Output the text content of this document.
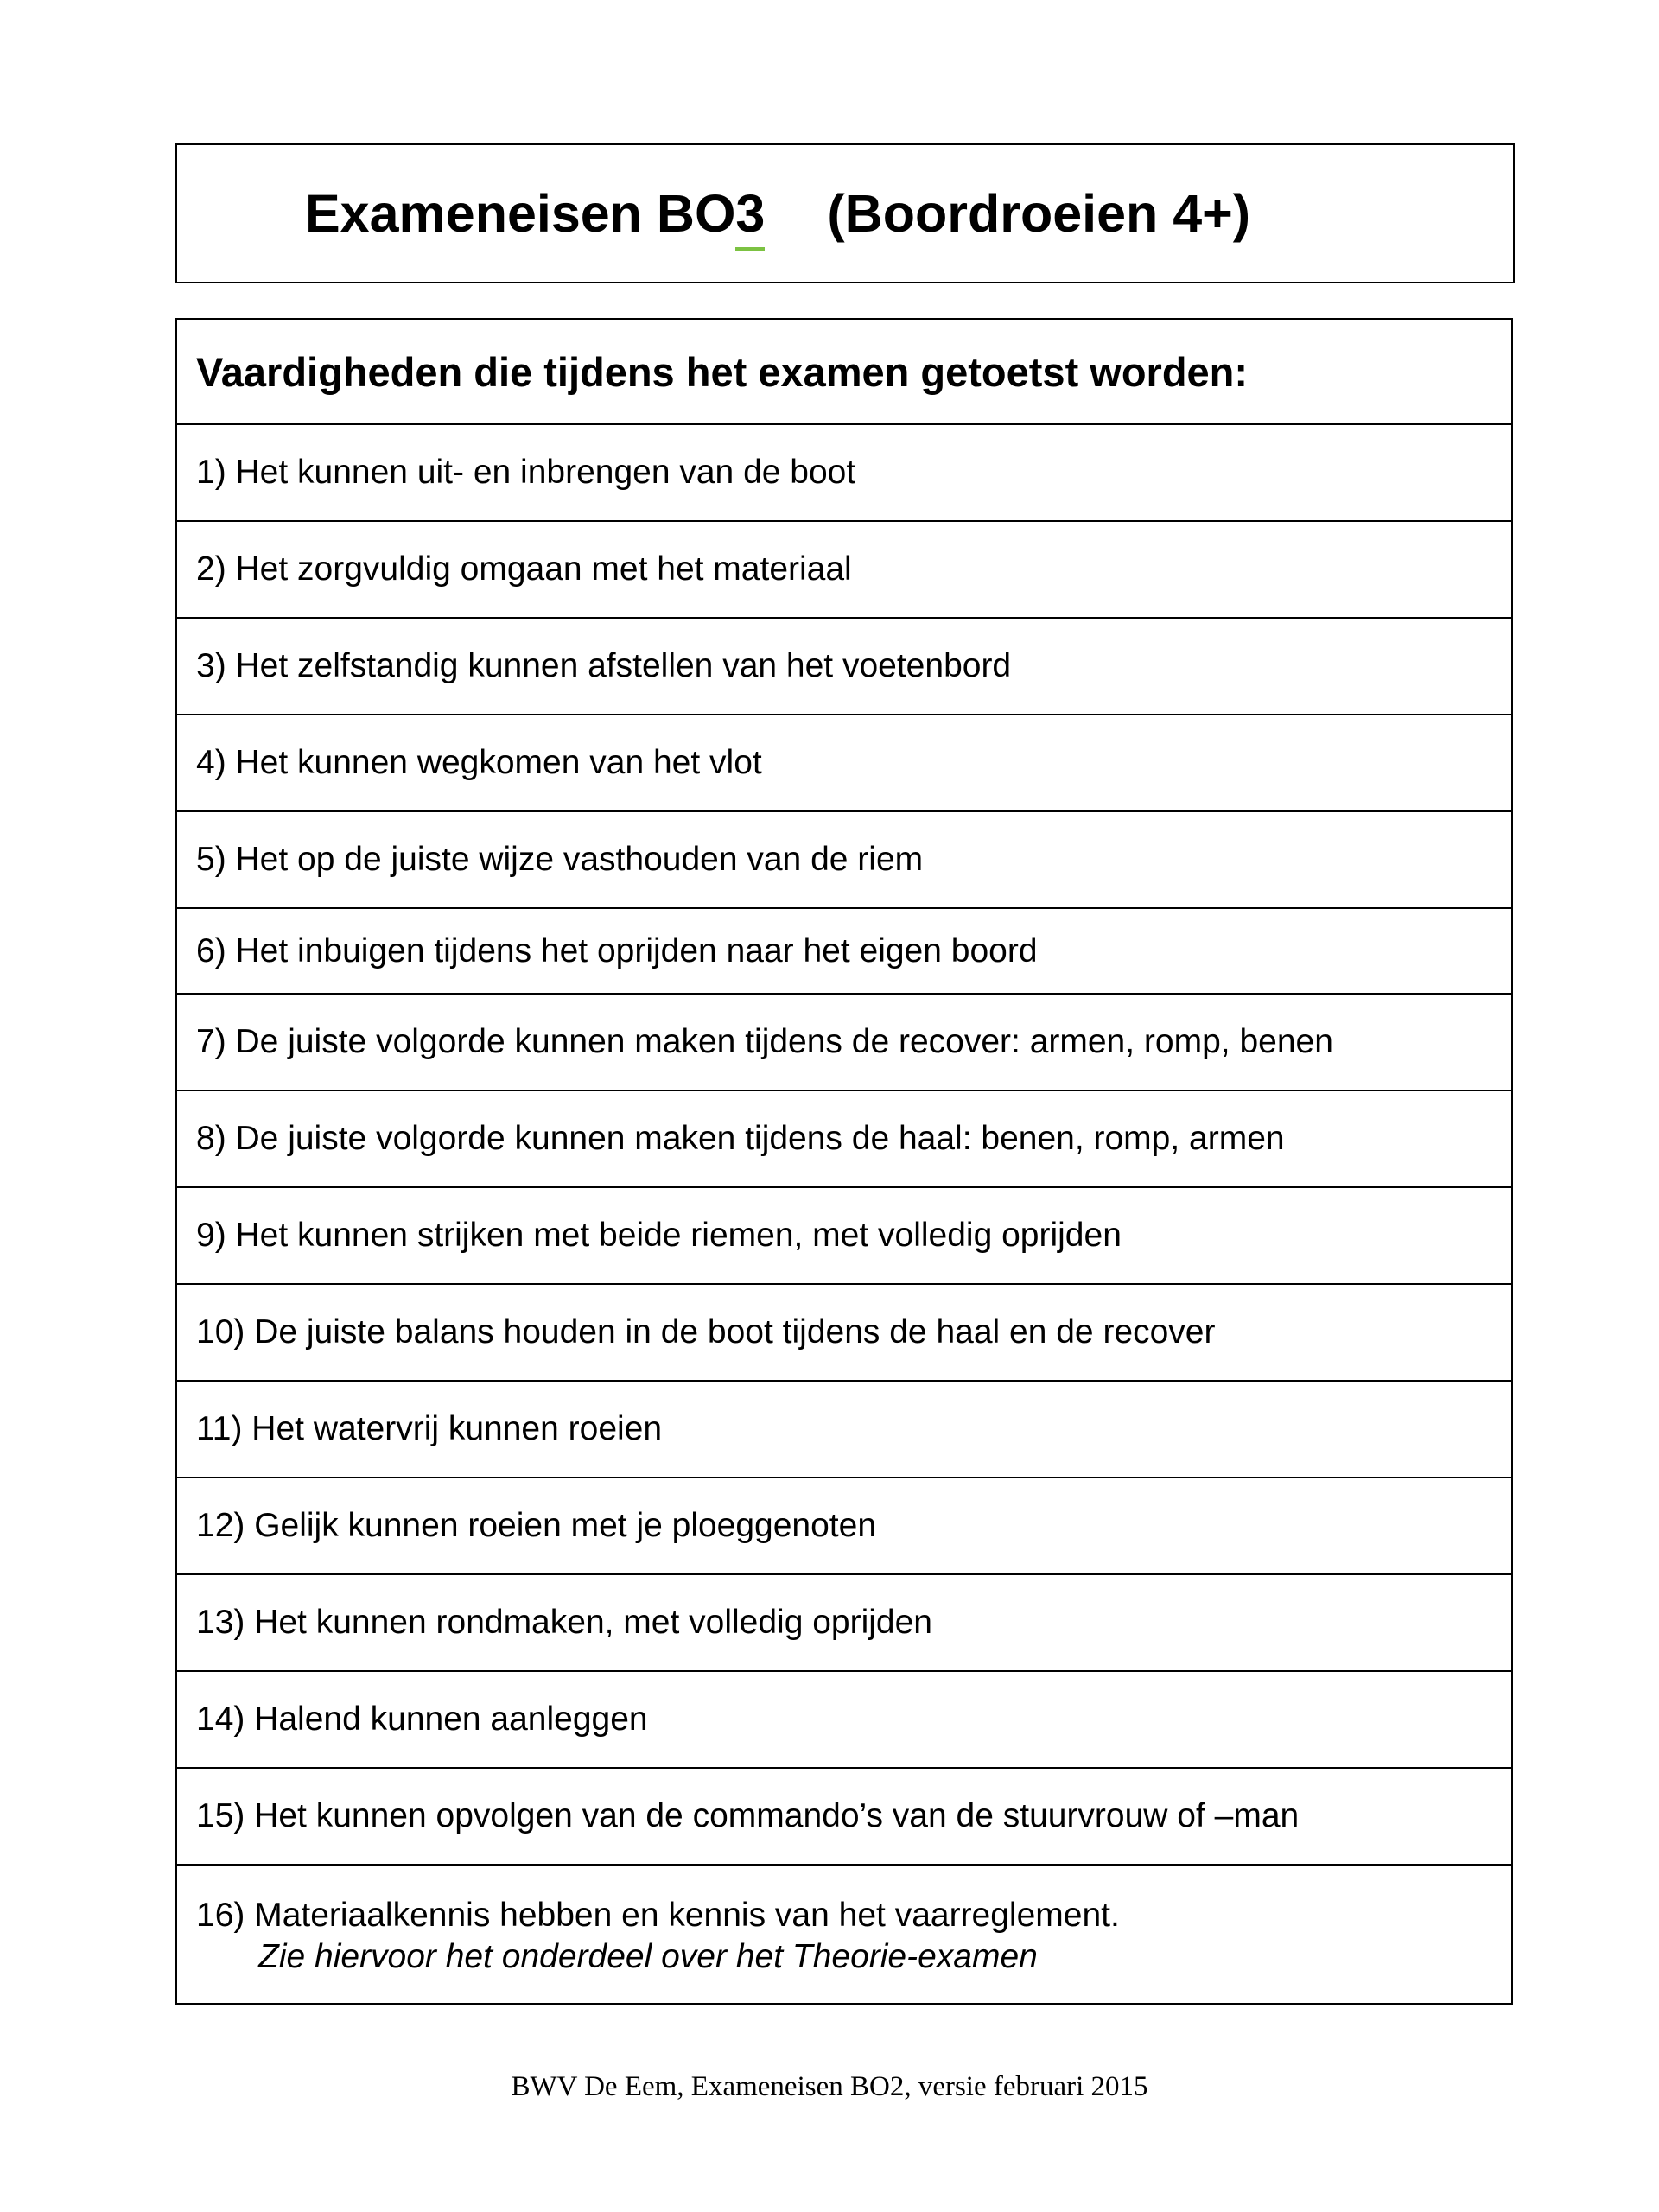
Exameneisen BO3 (Boordroeien 4+)
Vaardigheden die tijdens het examen getoetst worden:
1) Het kunnen uit- en inbrengen van de boot
2) Het zorgvuldig omgaan met het materiaal
3) Het zelfstandig kunnen afstellen van het voetenbord
4) Het kunnen wegkomen van het vlot
5) Het op de juiste wijze vasthouden van de riem
6) Het inbuigen tijdens het oprijden naar het eigen boord
7) De juiste volgorde kunnen maken tijdens de recover: armen, romp, benen
8) De juiste volgorde kunnen maken tijdens de haal: benen, romp, armen
9) Het kunnen strijken met beide riemen, met volledig oprijden
10) De juiste balans houden in de boot tijdens de haal en de recover
11) Het watervrij kunnen roeien
12) Gelijk kunnen roeien met je ploeggenoten
13) Het kunnen rondmaken, met volledig oprijden
14) Halend kunnen aanleggen
15) Het kunnen opvolgen van de commando’s van de stuurvrouw of –man
16) Materiaalkennis hebben en kennis van het vaarreglement.
Zie hiervoor het onderdeel over het Theorie-examen
BWV De Eem, Exameneisen BO2, versie februari 2015
